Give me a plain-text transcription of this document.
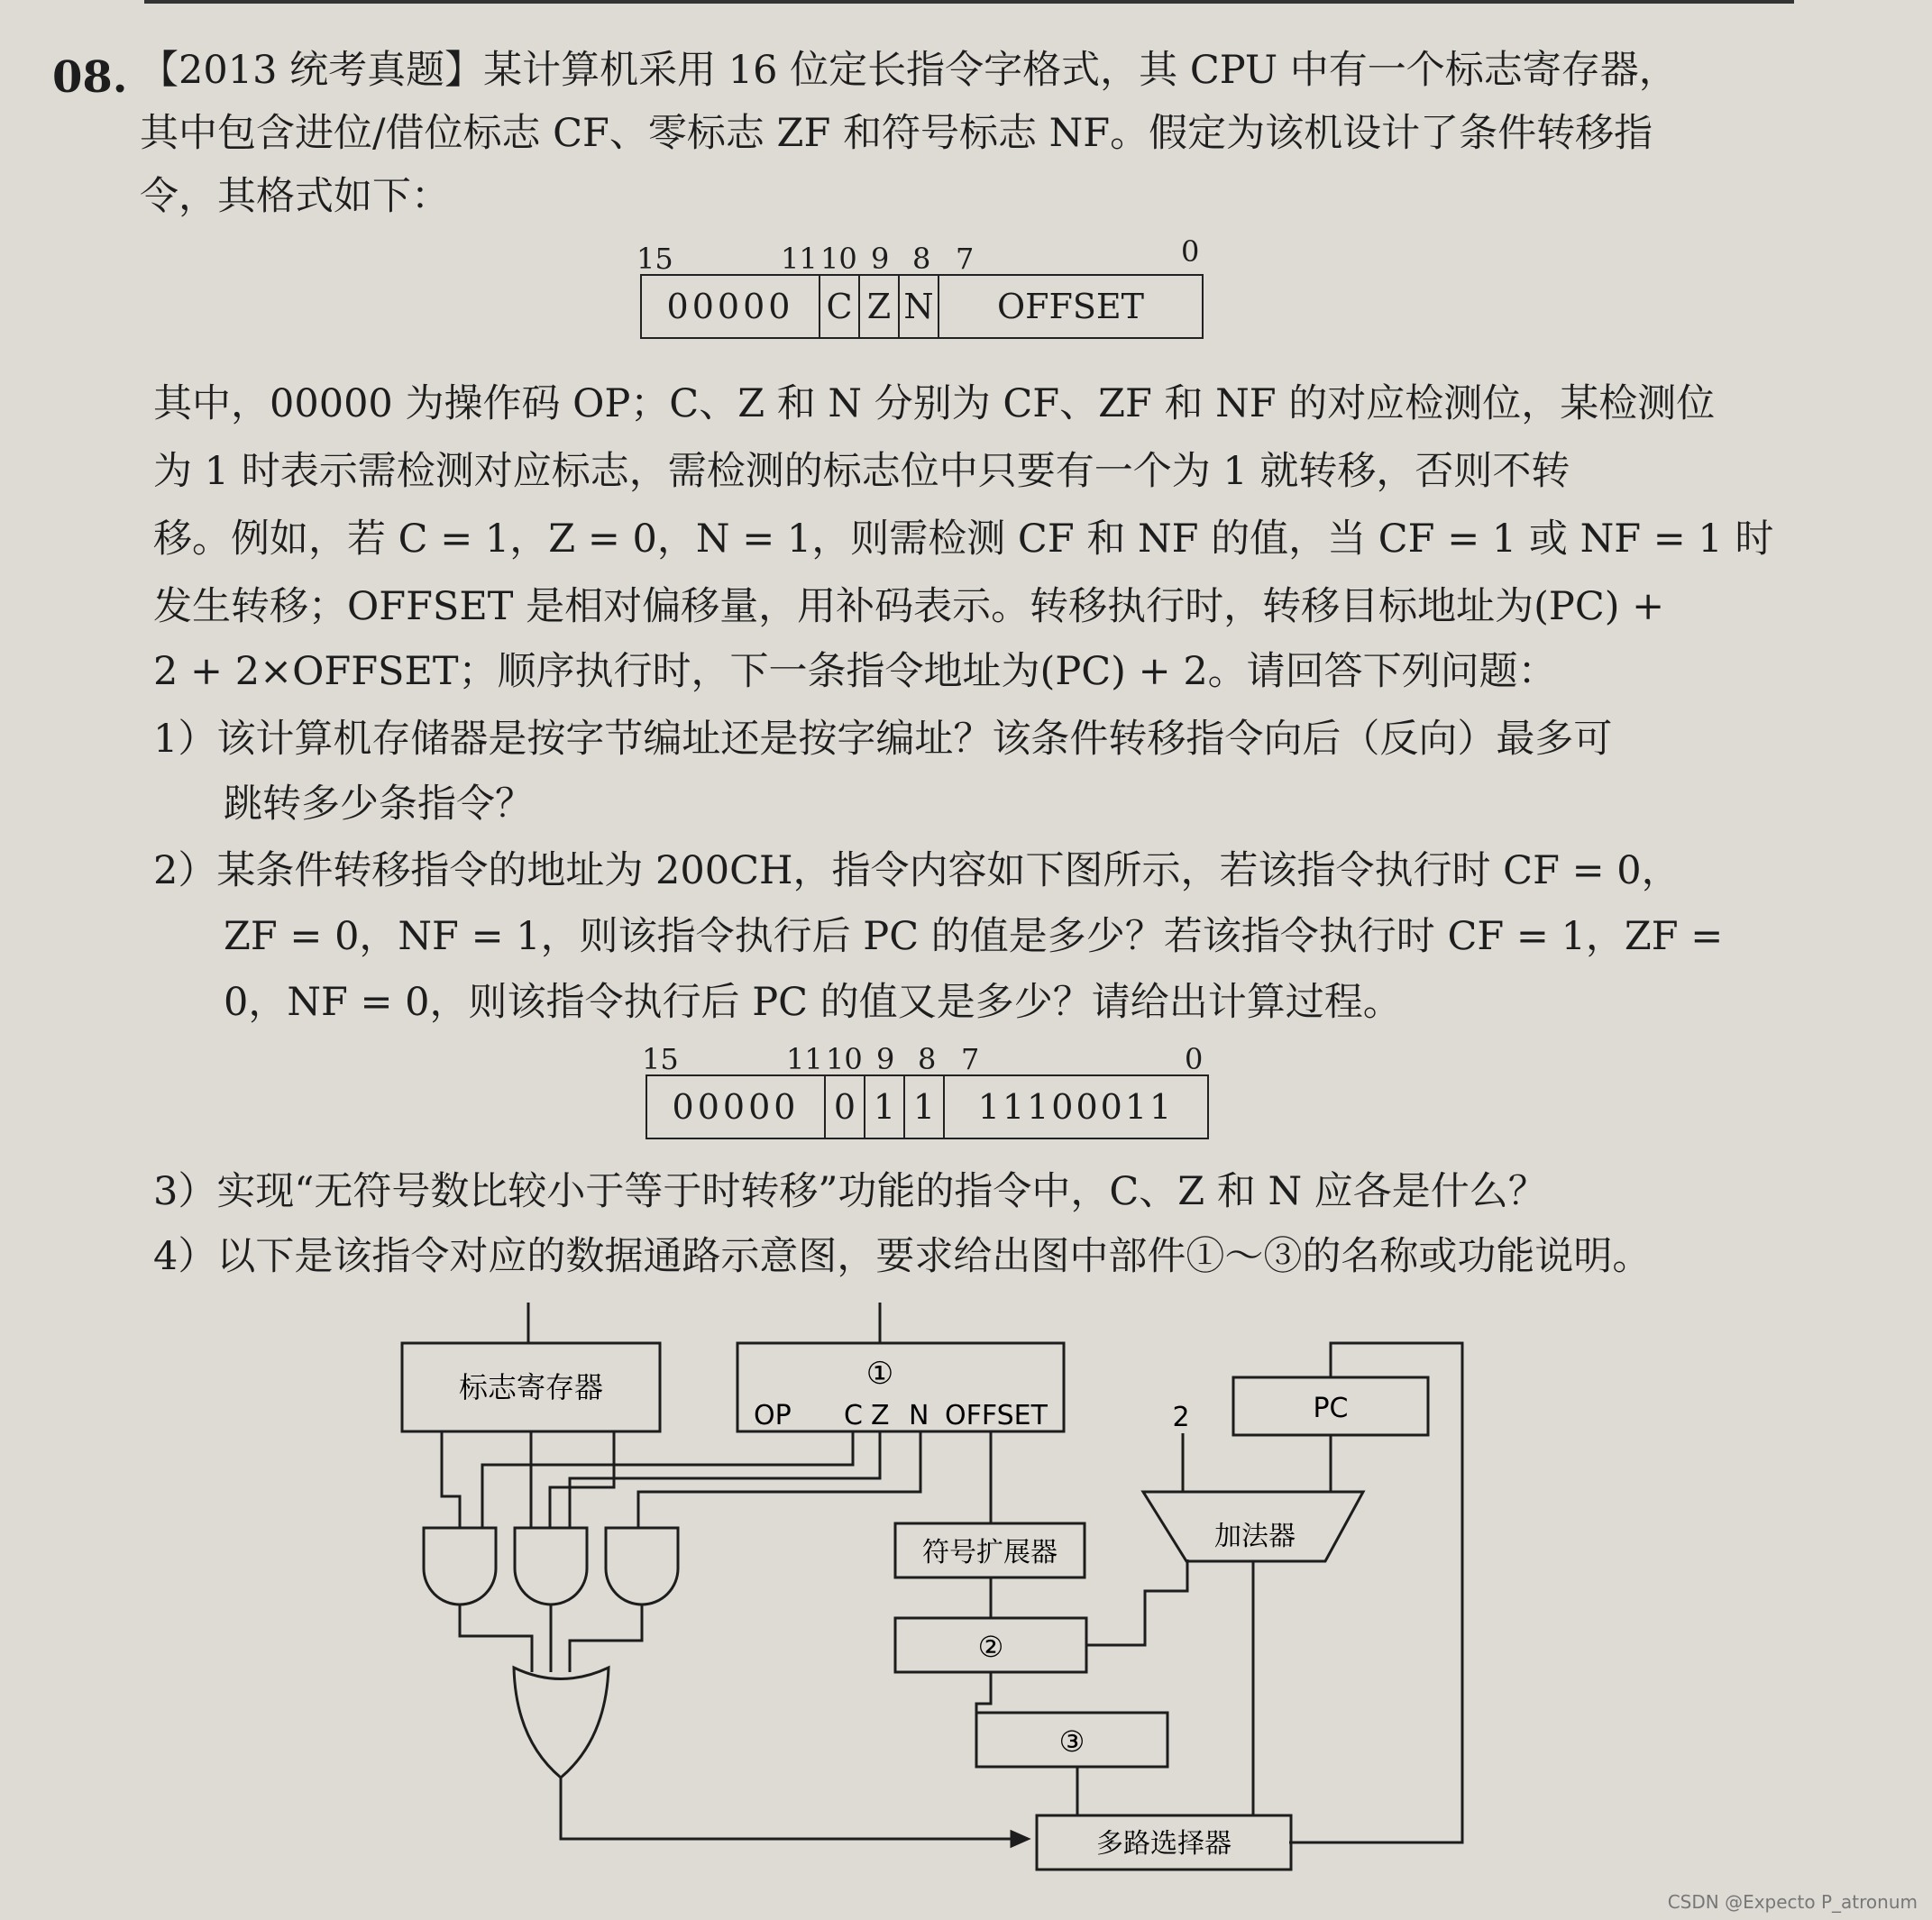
08. 【2013 统考真题】某计算机采用 16 位定长指令字格式，其 CPU 中有一个标志寄存器，
其中包含进位/借位标志 CF、零标志 ZF 和符号标志 NF。假定为该机设计了条件转移指
令，其格式如下：
15	11 10 9 8 7	0
00000	C	Z	N	OFFSET
其中，00000 为操作码 OP；C、Z 和 N 分别为 CF、ZF 和 NF 的对应检测位，某检测位
为 1 时表示需检测对应标志，需检测的标志位中只要有一个为 1 就转移，否则不转
移。例如，若 C = 1，Z = 0，N = 1，则需检测 CF 和 NF 的值，当 CF = 1 或 NF = 1 时
发生转移；OFFSET 是相对偏移量，用补码表示。转移执行时，转移目标地址为(PC) +
2 + 2×OFFSET；顺序执行时，下一条指令地址为(PC) + 2。请回答下列问题：
1）该计算机存储器是按字节编址还是按字编址？该条件转移指令向后（反向）最多可
跳转多少条指令？
2）某条件转移指令的地址为 200CH，指令内容如下图所示，若该指令执行时 CF = 0，
ZF = 0，NF = 1，则该指令执行后 PC 的值是多少？若该指令执行时 CF = 1，ZF =
0，NF = 0，则该指令执行后 PC 的值又是多少？请给出计算过程。
15	11 10 9 8 7	0
00000	0	1	1	11100011
3）实现“无符号数比较小于等于时转移”功能的指令中，C、Z 和 N 应各是什么？
4）以下是该指令对应的数据通路示意图，要求给出图中部件①～③的名称或功能说明。
标志寄存器	①
OP C Z N OFFSET
符号扩展器
②
③
加法器
2	PC
多路选择器
CSDN @Expecto P_atronum
